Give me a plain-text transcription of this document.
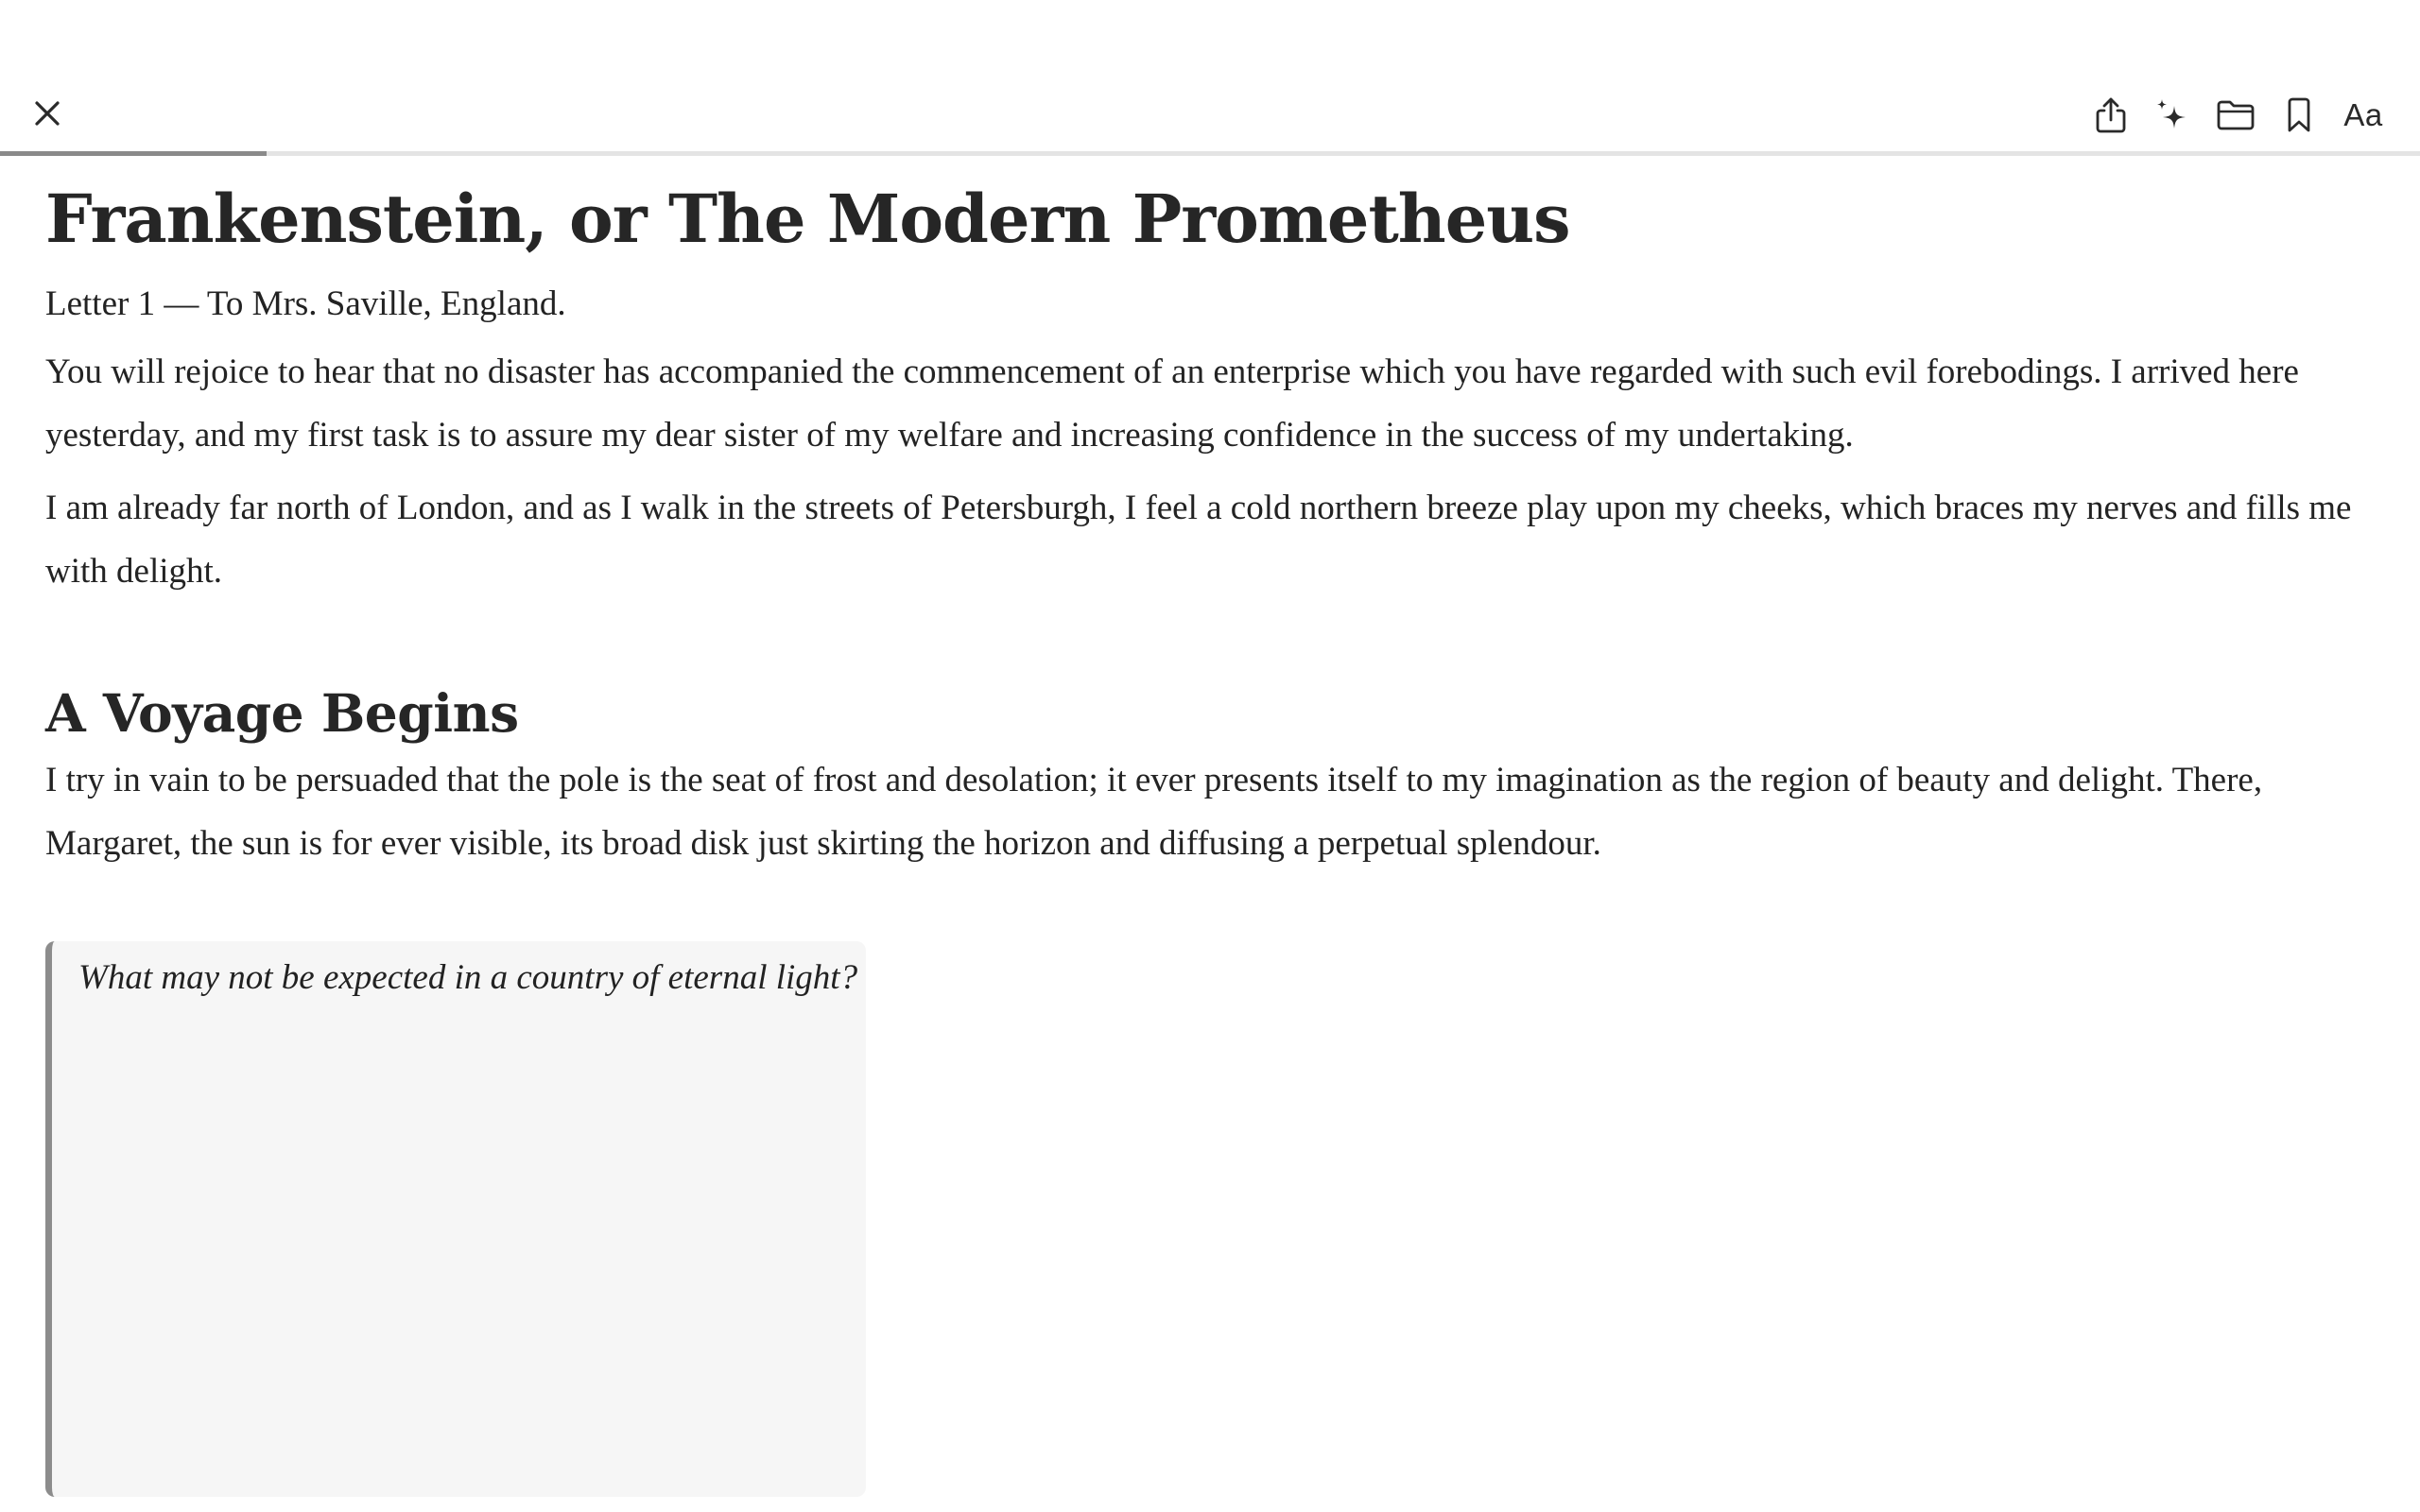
Aa
Frankenstein, or The Modern Prometheus

Letter 1 — To Mrs. Saville, England.

You will rejoice to hear that no disaster has accompanied the commencement of an enterprise which you have regarded with such evil forebodings. I arrived here yesterday, and my first task is to assure my dear sister of my welfare and increasing confidence in the success of my undertaking.

I am already far north of London, and as I walk in the streets of Petersburgh, I feel a cold northern breeze play upon my cheeks, which braces my nerves and fills me with delight.

A Voyage Begins

I try in vain to be persuaded that the pole is the seat of frost and desolation; it ever presents itself to my imagination as the region of beauty and delight. There, Margaret, the sun is for ever visible, its broad disk just skirting the horizon and diffusing a perpetual splendour.

What may not be expected in a country of eternal light?
